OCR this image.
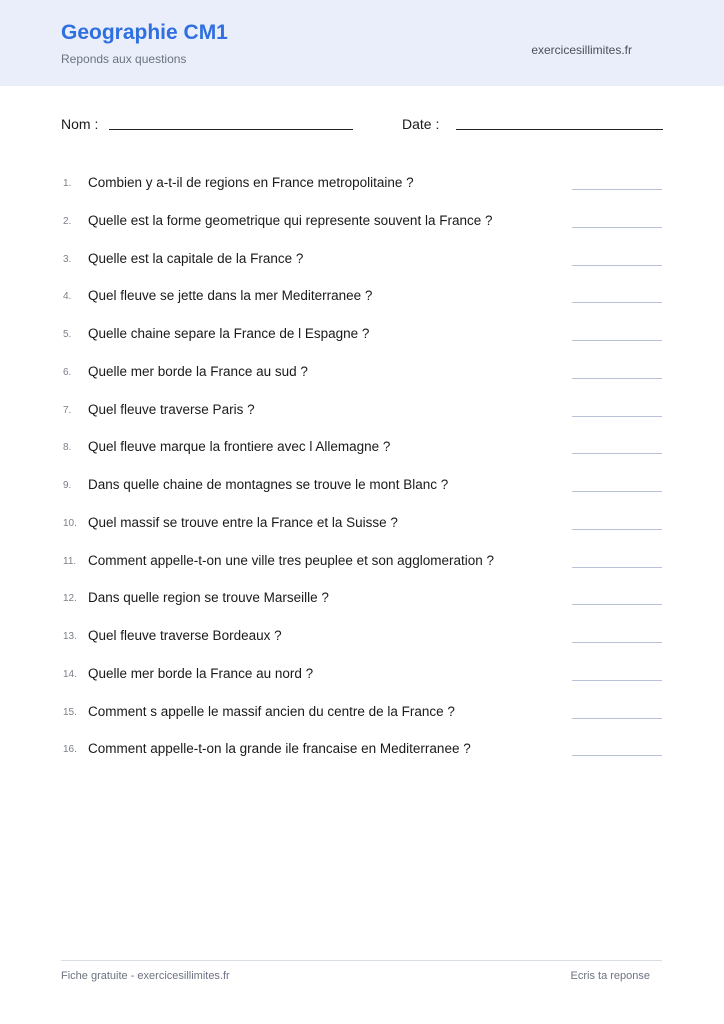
Geographie CM1
Reponds aux questions
exercicesillimites.fr
Nom :	Date :
1. Combien y a-t-il de regions en France metropolitaine ?
2. Quelle est la forme geometrique qui represente souvent la France ?
3. Quelle est la capitale de la France ?
4. Quel fleuve se jette dans la mer Mediterranee ?
5. Quelle chaine separe la France de l Espagne ?
6. Quelle mer borde la France au sud ?
7. Quel fleuve traverse Paris ?
8. Quel fleuve marque la frontiere avec l Allemagne ?
9. Dans quelle chaine de montagnes se trouve le mont Blanc ?
10. Quel massif se trouve entre la France et la Suisse ?
11. Comment appelle-t-on une ville tres peuplee et son agglomeration ?
12. Dans quelle region se trouve Marseille ?
13. Quel fleuve traverse Bordeaux ?
14. Quelle mer borde la France au nord ?
15. Comment s appelle le massif ancien du centre de la France ?
16. Comment appelle-t-on la grande ile francaise en Mediterranee ?
Fiche gratuite - exercicesillimites.fr	Ecris ta reponse
